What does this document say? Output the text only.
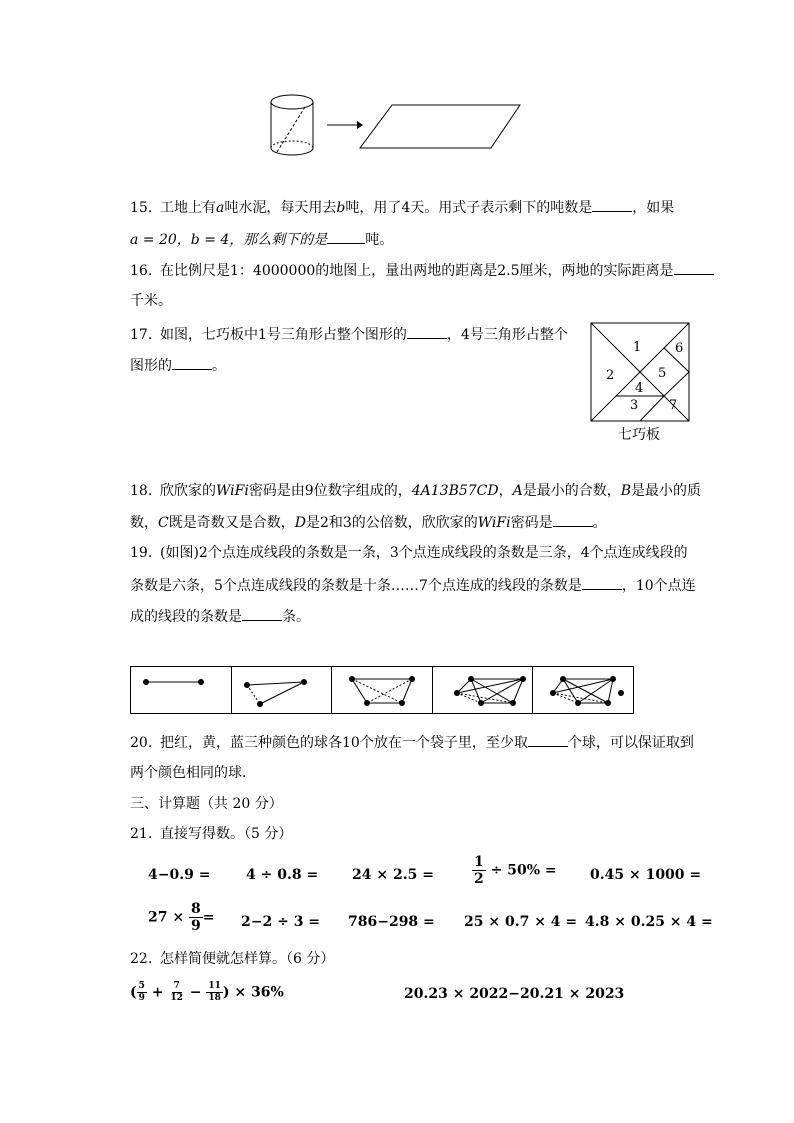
15. 工地上有a吨水泥，每天用去b吨，用了4天。用式子表示剩下的吨数是	，如果
a = 20，b = 4，那么剩下的是	吨。
16. 在比例尺是1：4000000的地图上，量出两地的距离是2.5厘米，两地的实际距离是
千米。
17. 如图，七巧板中1号三角形占整个图形的	，4号三角形占整个
图形的	。
1
2
3
4
5
6
7
七巧板
18. 欣欣家的WiFi密码是由9位数字组成的，4A13B57CD，A是最小的合数，B是最小的质
数，C既是奇数又是合数，D是2和3的公倍数，欣欣家的WiFi密码是	。
19. (如图)2个点连成线段的条数是一条，3个点连成线段的条数是三条，4个点连成线段的
条数是六条，5个点连成线段的条数是十条……7个点连成的线段的条数是	，10个点连
成的线段的条数是	条。
20. 把红，黄，蓝三种颜色的球各10个放在一个袋子里，至少取	个球，可以保证取到
两个颜色相同的球．
三、计算题（共 20 分）
21. 直接写得数。（5 分）
4−0.9 =	4 ÷ 0.8 = 24 × 2.5 =	$\frac{1}{2} \div 50\% = 0.45 \times 1000$ =
$27 \times \frac{8}{9} = 2-2 \div 3 = 786-298 = 25 \times 0.7 \times 4 = 4.8 \times 0.25 \times 4$ =
22. 怎样简便就怎样算。（6 分）
( $\frac{5}{9} + \frac{7}{12} - \frac{11}{18}$ ) × 36%	20.23 × 2022−20.21 × 2023
